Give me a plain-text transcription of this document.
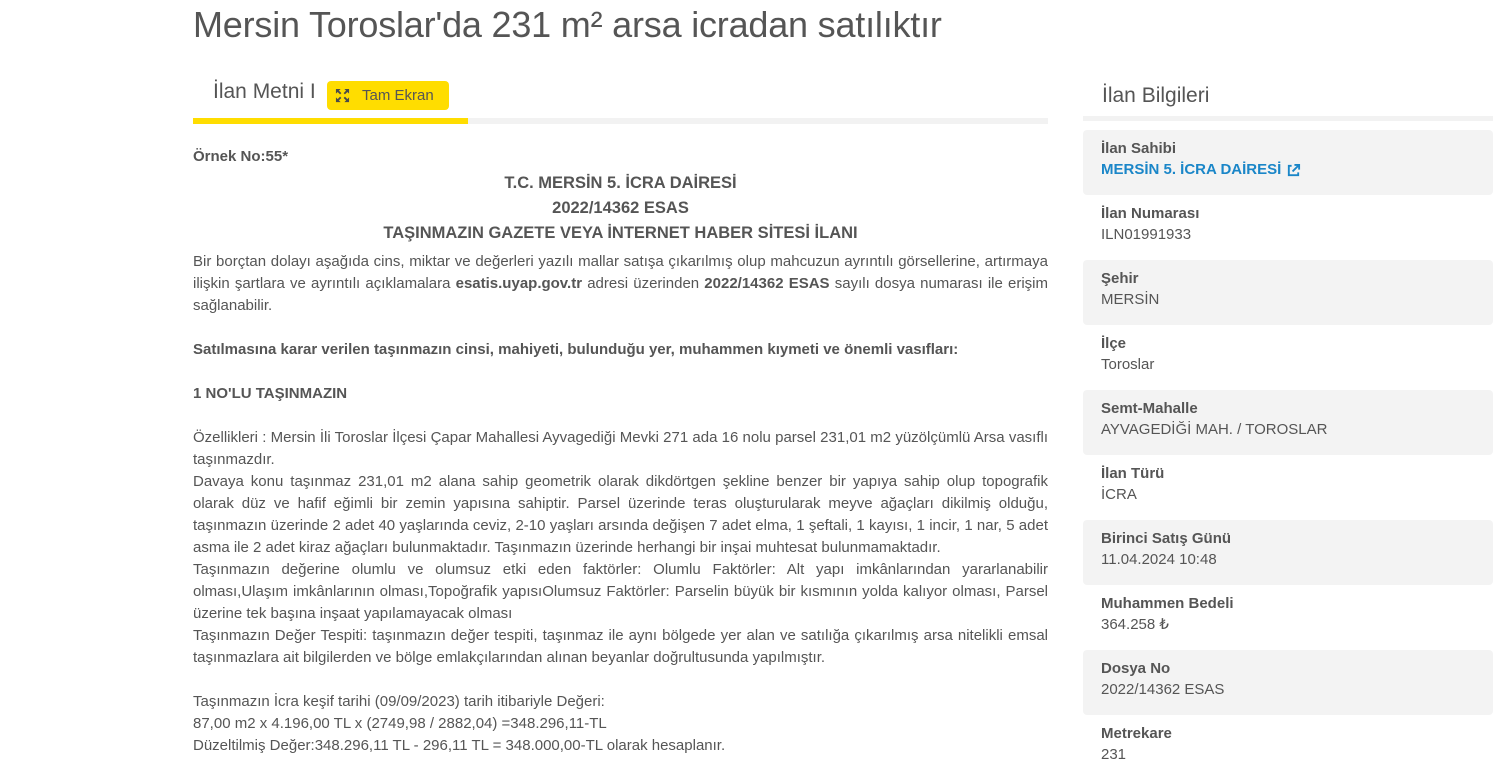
Mersin Toroslar'da 231 m² arsa icradan satılıktır
İlan Metni I	Tam Ekran

Örnek No:55*

T.C. MERSİN 5. İCRA DAİRESİ

2022/14362 ESAS

TAŞINMAZIN GAZETE VEYA İNTERNET HABER SİTESİ İLANI

Bir borçtan dolayı aşağıda cins, miktar ve değerleri yazılı mallar satışa çıkarılmış olup mahcuzun ayrıntılı görsellerine, artırmaya ilişkin şartlara ve ayrıntılı açıklamalara esatis.uyap.gov.tr adresi üzerinden 2022/14362 ESAS sayılı dosya numarası ile erişim sağlanabilir.

Satılmasına karar verilen taşınmazın cinsi, mahiyeti, bulunduğu yer, muhammen kıymeti ve önemli vasıfları:

1 NO'LU TAŞINMAZIN

Özellikleri : Mersin İli Toroslar İlçesi Çapar Mahallesi Ayvagediği Mevki 271 ada 16 nolu parsel 231,01 m2 yüzölçümlü Arsa vasıflı taşınmazdır.

Davaya konu taşınmaz 231,01 m2 alana sahip geometrik olarak dikdörtgen şekline benzer bir yapıya sahip olup topografik olarak düz ve hafif eğimli bir zemin yapısına sahiptir. Parsel üzerinde teras oluşturularak meyve ağaçları dikilmiş olduğu, taşınmazın üzerinde 2 adet 40 yaşlarında ceviz, 2-10 yaşları arsında değişen 7 adet elma, 1 şeftali, 1 kayısı, 1 incir, 1 nar, 5 adet asma ile 2 adet kiraz ağaçları bulunmaktadır. Taşınmazın üzerinde herhangi bir inşai muhtesat bulunmamaktadır.

Taşınmazın değerine olumlu ve olumsuz etki eden faktörler: Olumlu Faktörler: Alt yapı imkânlarından yararlanabilir olması,Ulaşım imkânlarının olması,Topoğrafik yapısıOlumsuz Faktörler: Parselin büyük bir kısmının yolda kalıyor olması, Parsel üzerine tek başına inşaat yapılamayacak olması

Taşınmazın Değer Tespiti: taşınmazın değer tespiti, taşınmaz ile aynı bölgede yer alan ve satılığa çıkarılmış arsa nitelikli emsal taşınmazlara ait bilgilerden ve bölge emlakçılarından alınan beyanlar doğrultusunda yapılmıştır.

Taşınmazın İcra keşif tarihi (09/09/2023) tarih itibariyle Değeri:

87,00 m2 x 4.196,00 TL x (2749,98 / 2882,04) =348.296,11-TL

Düzeltilmiş Değer:348.296,11 TL - 296,11 TL = 348.000,00-TL olarak hesaplanır.

İlan Bilgileri
İlan Sahibi
MERSİN 5. İCRA DAİRESİ
İlan Numarası
ILN01991933
Şehir
MERSİN
İlçe
Toroslar
Semt-Mahalle
AYVAGEDİĞİ MAH. / TOROSLAR
İlan Türü
İCRA
Birinci Satış Günü
11.04.2024 10:48
Muhammen Bedeli
364.258 ₺
Dosya No
2022/14362 ESAS
Metrekare
231
